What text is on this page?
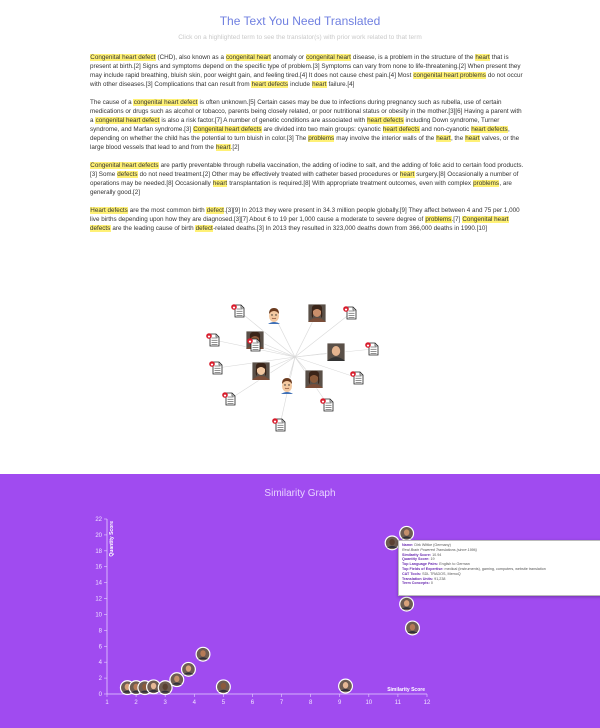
The Text You Need Translated
Click on a highlighted term to see the translator(s) with prior work related to that term

Congenital heart defect (CHD), also known as a congenital heart anomaly or congenital heart disease, is a problem in the structure of the heart that is present at birth.[2] Signs and symptoms depend on the specific type of problem.[3] Symptoms can vary from none to life-threatening.[2] When present they may include rapid breathing, bluish skin, poor weight gain, and feeling tired.[4] It does not cause chest pain.[4] Most congenital heart problems do not occur with other diseases.[3] Complications that can result from heart defects include heart failure.[4]

The cause of a congenital heart defect is often unknown.[5] Certain cases may be due to infections during pregnancy such as rubella, use of certain medications or drugs such as alcohol or tobacco, parents being closely related, or poor nutritional status or obesity in the mother.[3][6] Having a parent with a congenital heart defect is also a risk factor.[7] A number of genetic conditions are associated with heart defects including Down syndrome, Turner syndrome, and Marfan syndrome.[3] Congenital heart defects are divided into two main groups: cyanotic heart defects and non-cyanotic heart defects, depending on whether the child has the potential to turn bluish in color.[3] The problems may involve the interior walls of the heart, the heart valves, or the large blood vessels that lead to and from the heart.[2]

Congenital heart defects are partly preventable through rubella vaccination, the adding of iodine to salt, and the adding of folic acid to certain food products.[3] Some defects do not need treatment.[2] Other may be effectively treated with catheter based procedures or heart surgery.[8] Occasionally a number of operations may be needed.[8] Occasionally heart transplantation is required.[8] With appropriate treatment outcomes, even with complex problems, are generally good.[2]

Heart defects are the most common birth defect.[3][9] In 2013 they were present in 34.3 million people globally.[9] They affect between 4 and 75 per 1,000 live births depending upon how they are diagnosed.[3][7] About 6 to 19 per 1,000 cause a moderate to severe degree of problems.[7] Congenital heart defects are the leading cause of birth defect-related deaths.[3] In 2013 they resulted in 323,000 deaths down from 366,000 deaths in 1990.[10]

Similarity Graph
1	2	3	4	5	6	7	8	9	10	11	12
0
2
4
6
8
10
12
14
16
18
20
22
Similarity Score
Quantity Score	Name: Dirk Wittke (Germany)
Real Brain Powered Translations (since 1996)
Similarity Score: 10.94
Quantity Score: 19
Top Language Pairs: English to German
Top Fields of Expertise: medical (instruments), gaming, computers, website translation
CAT Tools: SDL TRADOS, MemoQ
Translation Units: 91,238
Term Concepts: 0
